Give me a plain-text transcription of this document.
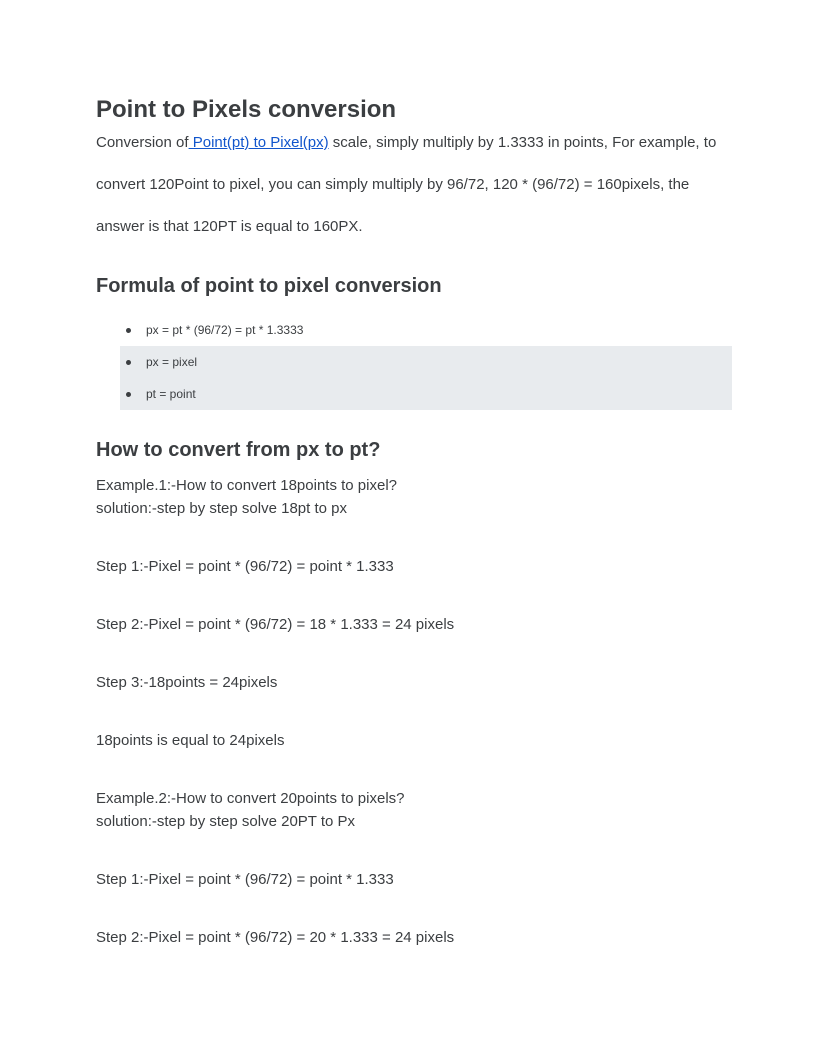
Point to Pixels conversion

Conversion of Point(pt) to Pixel(px) scale, simply multiply by 1.3333 in points, For example, to convert 120Point to pixel, you can simply multiply by 96/72, 120 * (96/72) = 160pixels, the answer is that 120PT is equal to 160PX.

Formula of point to pixel conversion
px = pt * (96/72) = pt * 1.3333
px = pixel
pt = point
How to convert from px to pt?

Example.1:-How to convert 18points to pixel?
solution:-step by step solve 18pt to px

Step 1:-Pixel = point * (96/72) = point * 1.333

Step 2:-Pixel = point * (96/72) = 18 * 1.333 = 24 pixels

Step 3:-18points = 24pixels

18points is equal to 24pixels

Example.2:-How to convert 20points to pixels?
solution:-step by step solve 20PT to Px

Step 1:-Pixel = point * (96/72) = point * 1.333

Step 2:-Pixel = point * (96/72) = 20 * 1.333 = 24 pixels
